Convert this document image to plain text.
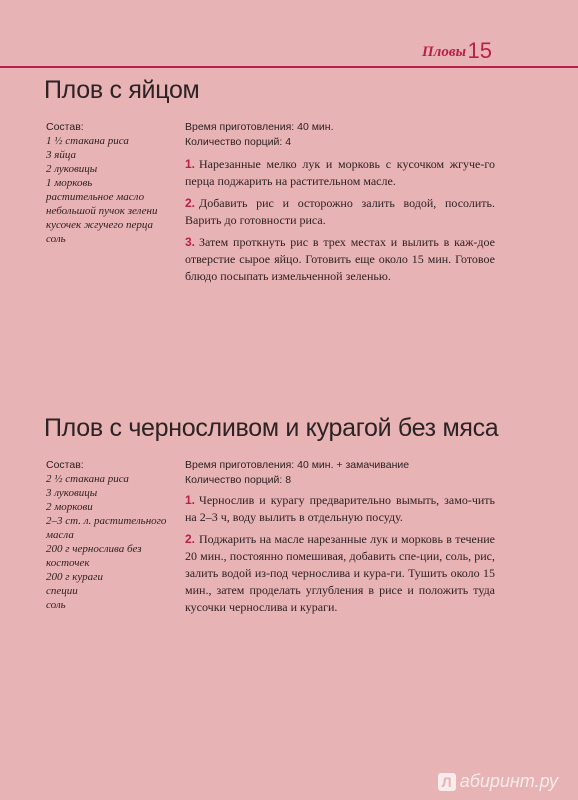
Пловы 15
Плов с яйцом
Состав:
1 ½ стакана риса
3 яйца
2 луковицы
1 морковь
растительное масло
небольшой пучок зелени
кусочек жгучего перца
соль
Время приготовления: 40 мин.
Количество порций: 4

1. Нарезанные мелко лук и морковь с кусочком жгуче-го перца поджарить на растительном масле.

2. Добавить рис и осторожно залить водой, посолить. Варить до готовности риса.

3. Затем проткнуть рис в трех местах и вылить в каж-дое отверстие сырое яйцо. Готовить еще около 15 мин. Готовое блюдо посыпать измельченной зеленью.

Плов с черносливом и курагой без мяса
Состав:
2 ½ стакана риса
3 луковицы
2 моркови
2–3 ст. л. растительного масла
200 г чернослива без косточек
200 г кураги
специи
соль
Время приготовления: 40 мин. + замачивание
Количество порций: 8

1. Чернослив и курагу предварительно вымыть, замо-чить на 2–3 ч, воду вылить в отдельную посуду.

2. Поджарить на масле нарезанные лук и морковь в течение 20 мин., постоянно помешивая, добавить спе-ции, соль, рис, залить водой из-под чернослива и кура-ги. Тушить около 15 мин., затем проделать углубления в рисе и положить туда кусочки чернослива и кураги.

Л абиринт.ру
